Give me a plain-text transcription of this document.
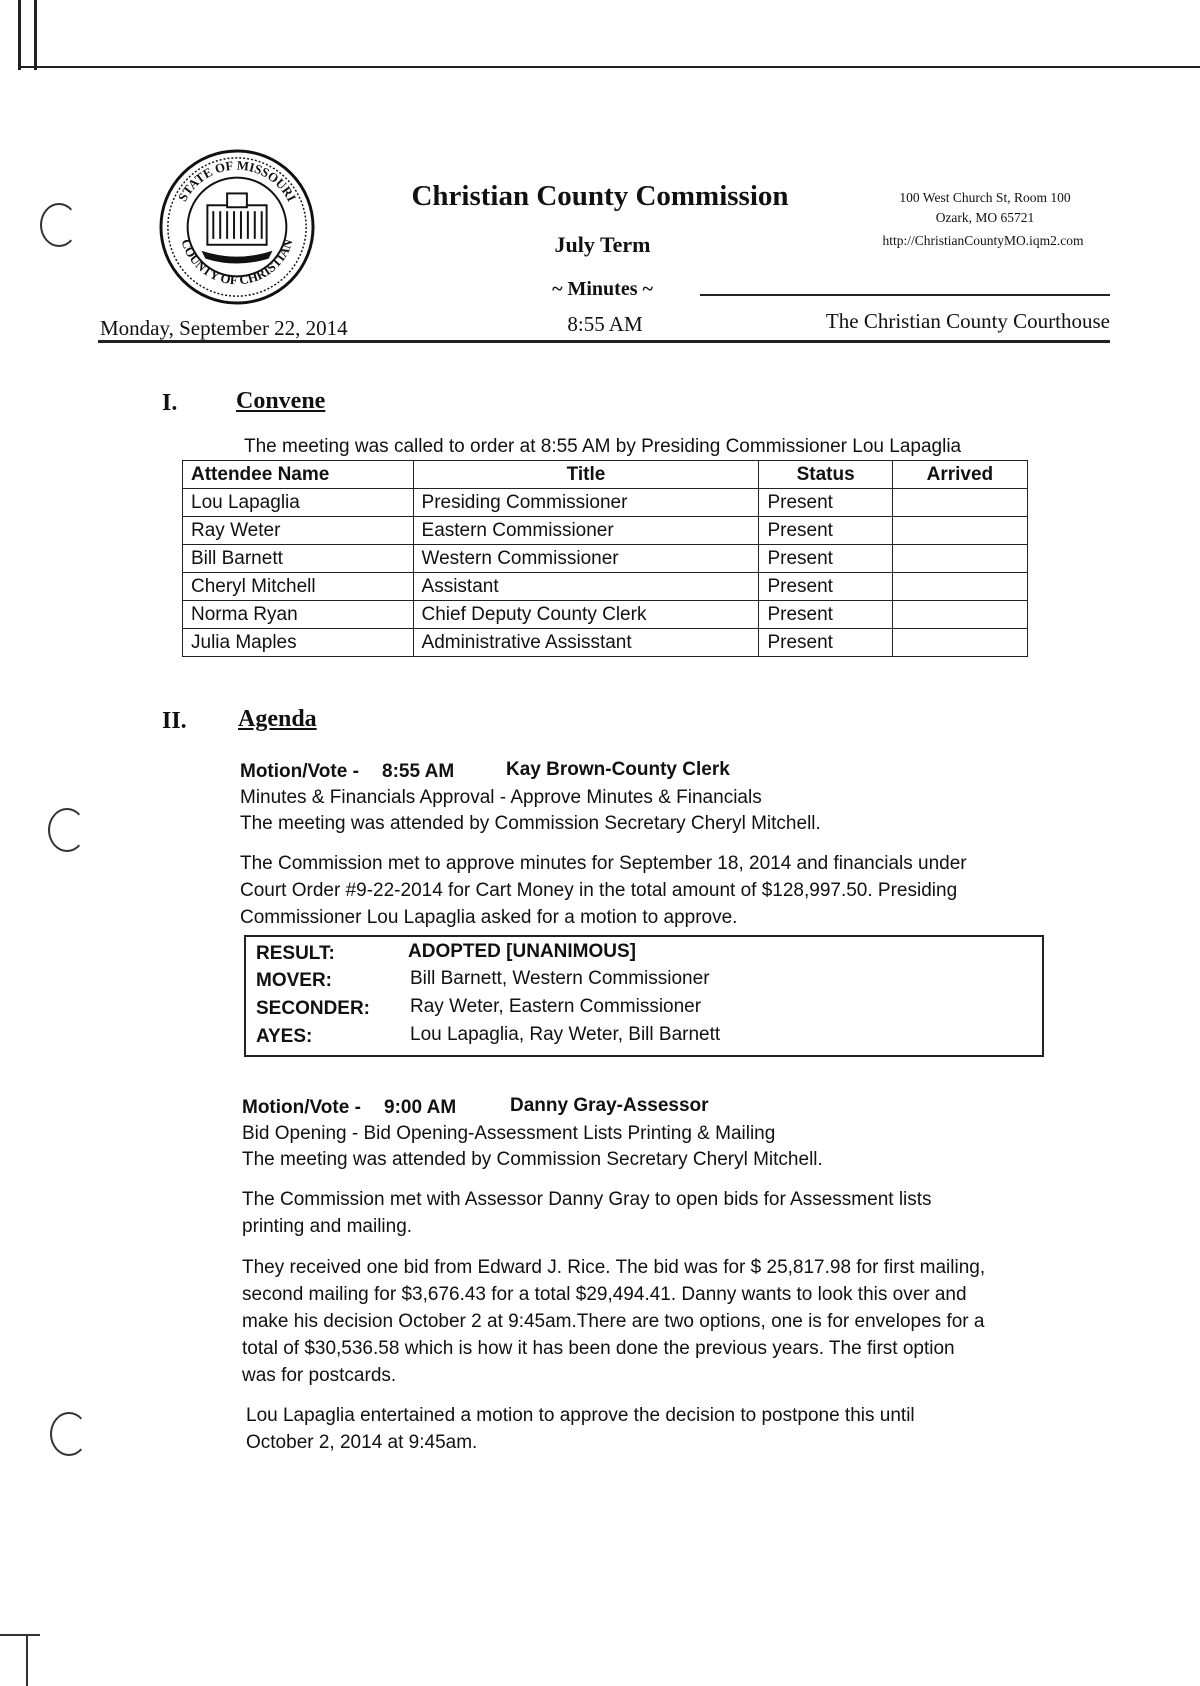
STATE OF MISSOURI
COUNTY OF CHRISTIAN
Christian County Commission
July Term
100 West Church St, Room 100
Ozark, MO 65721
http://ChristianCountyMO.iqm2.com
~ Minutes ~
Monday, September 22, 2014	8:55 AM	The Christian County Courthouse
I. Convene
The meeting was called to order at 8:55 AM by Presiding Commissioner Lou Lapaglia
Attendee Name	Title	Status	Arrived
Lou Lapaglia	Presiding Commissioner	Present	
Ray Weter	Eastern Commissioner	Present	
Bill Barnett	Western Commissioner	Present	
Cheryl Mitchell	Assistant	Present	
Norma Ryan	Chief Deputy County Clerk	Present	
Julia Maples	Administrative Assisstant	Present	
II. Agenda
Motion/Vote - 8:55 AM	Kay Brown-County Clerk
Minutes & Financials Approval - Approve Minutes & Financials
The meeting was attended by Commission Secretary Cheryl Mitchell.
The Commission met to approve minutes for September 18, 2014 and financials under
Court Order #9-22-2014 for Cart Money in the total amount of $128,997.50. Presiding
Commissioner Lou Lapaglia asked for a motion to approve.
RESULT:	ADOPTED [UNANIMOUS]
MOVER:	Bill Barnett, Western Commissioner
SECONDER: Ray Weter, Eastern Commissioner
AYES:	Lou Lapaglia, Ray Weter, Bill Barnett
Motion/Vote - 9:00 AM	Danny Gray-Assessor
Bid Opening - Bid Opening-Assessment Lists Printing & Mailing
The meeting was attended by Commission Secretary Cheryl Mitchell.
The Commission met with Assessor Danny Gray to open bids for Assessment lists
printing and mailing.
They received one bid from Edward J. Rice. The bid was for $ 25,817.98 for first mailing,
second mailing for $3,676.43 for a total $29,494.41. Danny wants to look this over and
make his decision October 2 at 9:45am.There are two options, one is for envelopes for a
total of $30,536.58 which is how it has been done the previous years. The first option
was for postcards.
Lou Lapaglia entertained a motion to approve the decision to postpone this until
October 2, 2014 at 9:45am.
